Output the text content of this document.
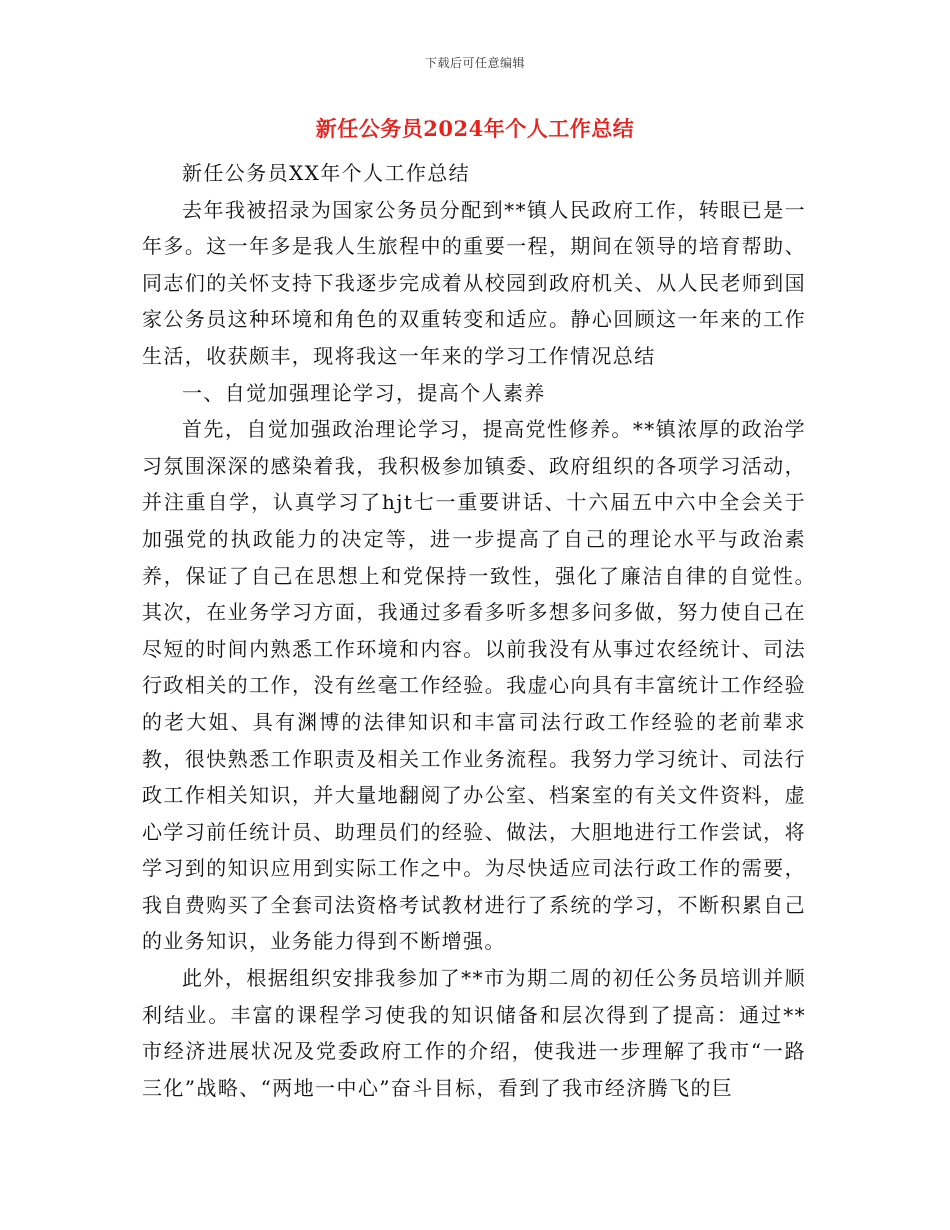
下载后可任意编辑
新任公务员2024年个人工作总结

新任公务员XX年个人工作总结

去年我被招录为国家公务员分配到**镇人民政府工作，转眼已是一年多。这一年多是我人生旅程中的重要一程，期间在领导的培育帮助、同志们的关怀支持下我逐步完成着从校园到政府机关、从人民老师到国家公务员这种环境和角色的双重转变和适应。静心回顾这一年来的工作生活，收获颇丰，现将我这一年来的学习工作情况总结

一、自觉加强理论学习，提高个人素养

首先，自觉加强政治理论学习，提高党性修养。**镇浓厚的政治学习氛围深深的感染着我，我积极参加镇委、政府组织的各项学习活动，并注重自学，认真学习了hjt七一重要讲话、十六届五中六中全会关于加强党的执政能力的决定等，进一步提高了自己的理论水平与政治素养，保证了自己在思想上和党保持一致性，强化了廉洁自律的自觉性。　其次，在业务学习方面，我通过多看多听多想多问多做，努力使自己在尽短的时间内熟悉工作环境和内容。以前我没有从事过农经统计、司法行政相关的工作，没有丝毫工作经验。我虚心向具有丰富统计工作经验的老大姐、具有渊博的法律知识和丰富司法行政工作经验的老前辈求教，很快熟悉工作职责及相关工作业务流程。我努力学习统计、司法行政工作相关知识，并大量地翻阅了办公室、档案室的有关文件资料，虚心学习前任统计员、助理员们的经验、做法，大胆地进行工作尝试，将学习到的知识应用到实际工作之中。为尽快适应司法行政工作的需要，我自费购买了全套司法资格考试教材进行了系统的学习，不断积累自己的业务知识，业务能力得到不断增强。

此外，根据组织安排我参加了**市为期二周的初任公务员培训并顺利结业。丰富的课程学习使我的知识储备和层次得到了提高：通过**市经济进展状况及党委政府工作的介绍，使我进一步理解了我市“一路三化”战略、“两地一中心”奋斗目标，看到了我市经济腾飞的巨
